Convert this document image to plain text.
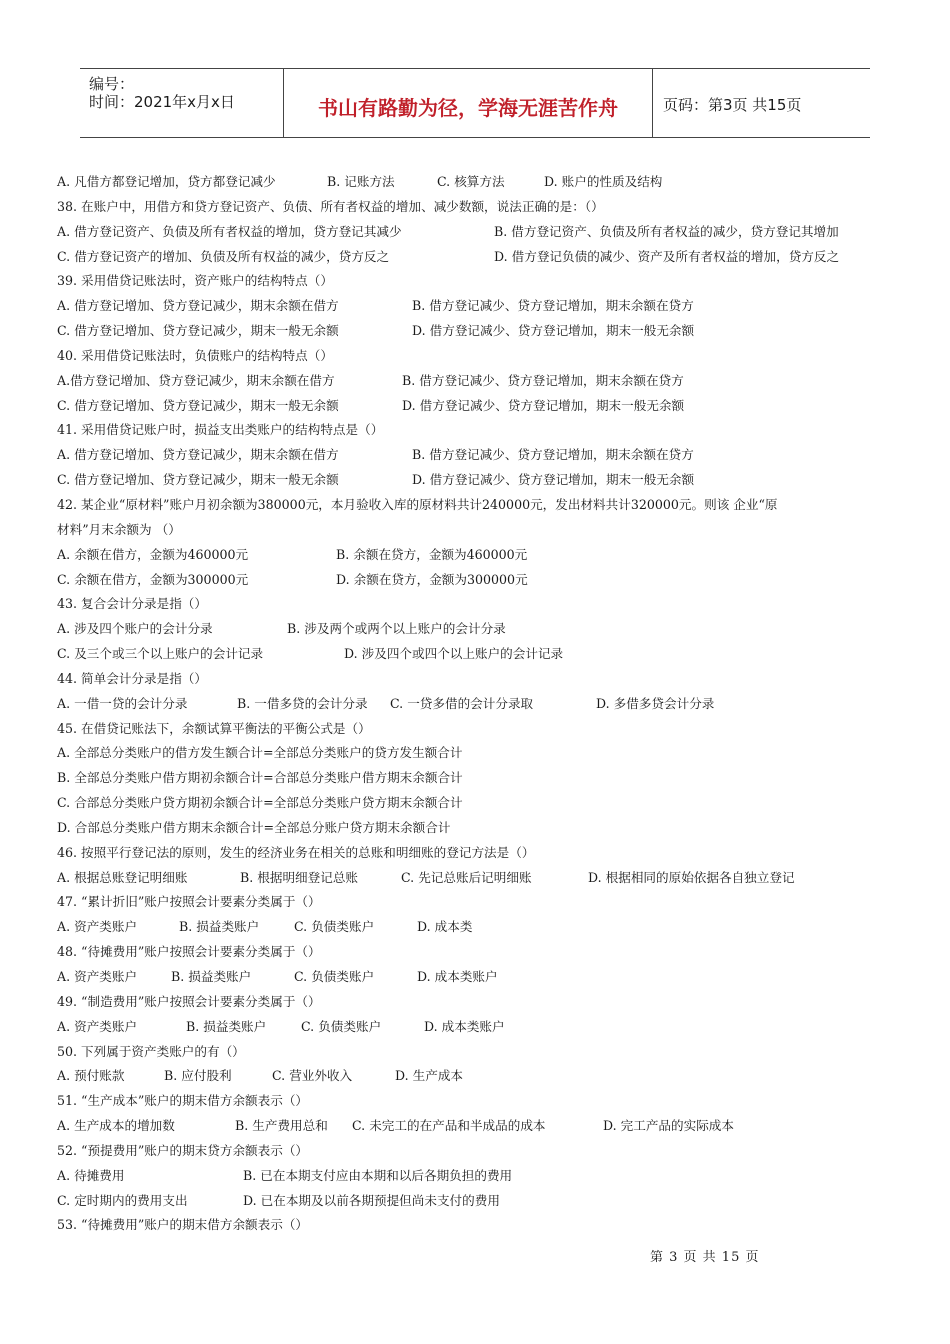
编号：
时间：2021年x月x日	书山有路勤为径，学海无涯苦作舟	页码：第3页 共15页
A. 凡借方都登记增加，贷方都登记减少	B. 记账方法	C. 核算方法	D. 账户的性质及结构
38. 在账户中，用借方和贷方登记资产、负债、所有者权益的增加、减少数额，说法正确的是：（）
A. 借方登记资产、负债及所有者权益的增加，贷方登记其减少	B. 借方登记资产、负债及所有者权益的减少，贷方登记其增加
C. 借方登记资产的增加、负债及所有权益的减少，贷方反之	D. 借方登记负债的减少、资产及所有者权益的增加，贷方反之
39. 采用借贷记账法时，资产账户的结构特点（）
A. 借方登记增加、贷方登记减少，期末余额在借方	B. 借方登记减少、贷方登记增加，期末余额在贷方
C. 借方登记增加、贷方登记减少，期末一般无余额	D. 借方登记减少、贷方登记增加，期末一般无余额
40. 采用借贷记账法时，负债账户的结构特点（）
A.借方登记增加、贷方登记减少，期末余额在借方	B. 借方登记减少、贷方登记增加，期末余额在贷方
C. 借方登记增加、贷方登记减少，期末一般无余额	D. 借方登记减少、贷方登记增加，期末一般无余额
41. 采用借贷记账户时，损益支出类账户的结构特点是（）
A. 借方登记增加、贷方登记减少，期末余额在借方	B. 借方登记减少、贷方登记增加，期末余额在贷方
C. 借方登记增加、贷方登记减少，期末一般无余额	D. 借方登记减少、贷方登记增加，期末一般无余额
42. 某企业“原材料”账户月初余额为380000元，本月验收入库的原材料共计240000元，发出材料共计320000元。则该 企业“原
材料”月末余额为 （）
A. 余额在借方，金额为460000元	B. 余额在贷方，金额为460000元
C. 余额在借方，金额为300000元	D. 余额在贷方，金额为300000元
43. 复合会计分录是指（）
A. 涉及四个账户的会计分录	B. 涉及两个或两个以上账户的会计分录
C. 及三个或三个以上账户的会计记录	D. 涉及四个或四个以上账户的会计记录
44. 简单会计分录是指（）
A. 一借一贷的会计分录	B. 一借多贷的会计分录 C. 一贷多借的会计分录取	D. 多借多贷会计分录
45. 在借贷记账法下，余额试算平衡法的平衡公式是（）
A. 全部总分类账户的借方发生额合计=全部总分类账户的贷方发生额合计
B. 全部总分类账户借方期初余额合计=合部总分类账户借方期末余额合计
C. 合部总分类账户贷方期初余额合计=全部总分类账户贷方期末余额合计
D. 合部总分类账户借方期末余额合计=全部总分账户贷方期末余额合计
46. 按照平行登记法的原则，发生的经济业务在相关的总账和明细账的登记方法是（）
A. 根据总账登记明细账	B. 根据明细登记总账	C. 先记总账后记明细账	D. 根据相同的原始依据各自独立登记
47. “累计折旧”账户按照会计要素分类属于（）
A. 资产类账户	B. 损益类账户	C. 负债类账户	D. 成本类
48. “待摊费用”账户按照会计要素分类属于（）
A. 资产类账户	B. 损益类账户	C. 负债类账户	D. 成本类账户
49. “制造费用”账户按照会计要素分类属于（）
A. 资产类账户	B. 损益类账户	C. 负债类账户	D. 成本类账户
50. 下列属于资产类账户的有（）
A. 预付账款	B. 应付股利	C. 营业外收入	D. 生产成本
51. “生产成本”账户的期末借方余额表示（）
A. 生产成本的增加数	B. 生产费用总和 C. 未完工的在产品和半成品的成本	D. 完工产品的实际成本
52. “预提费用”账户的期末贷方余额表示（）
A. 待摊费用	B. 已在本期支付应由本期和以后各期负担的费用
C. 定时期内的费用支出	D. 已在本期及以前各期预提但尚未支付的费用
53. “待摊费用”账户的期末借方余额表示（）
第 3 页 共 15 页
